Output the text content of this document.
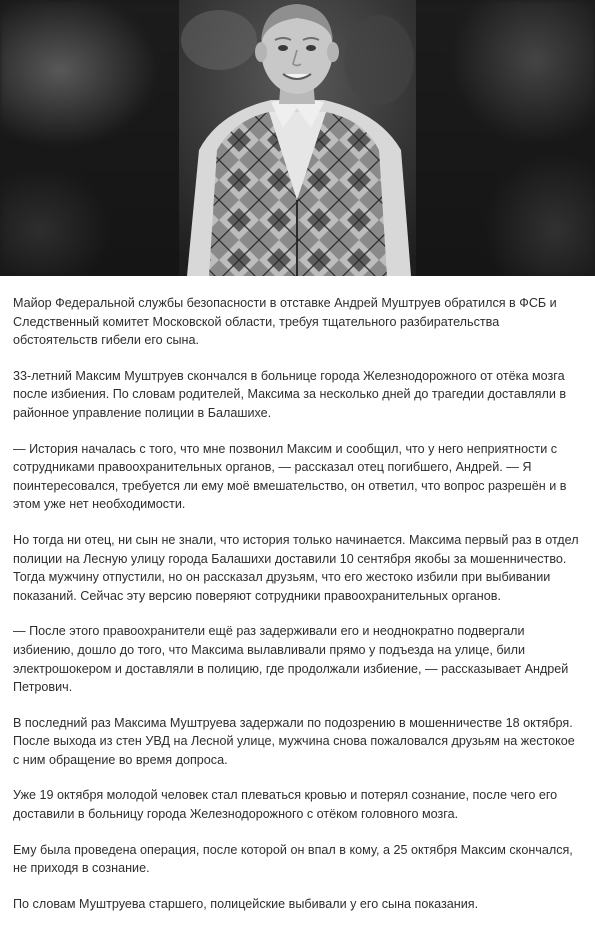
Майор Федеральной службы безопасности в отставке Андрей Муштруев обратился в ФСБ и Следственный комитет Московской области, требуя тщательного разбирательства обстоятельств гибели его сына.

33-летний Максим Муштруев скончался в больнице города Железнодорожного от отёка мозга после избиения. По словам родителей, Максима за несколько дней до трагедии доставляли в районное управление полиции в Балашихе.

— История началась с того, что мне позвонил Максим и сообщил, что у него неприятности с сотрудниками правоохранительных органов, — рассказал отец погибшего, Андрей. — Я поинтересовался, требуется ли ему моё вмешательство, он ответил, что вопрос разрешён и в этом уже нет необходимости.

Но тогда ни отец, ни сын не знали, что история только начинается. Максима первый раз в отдел полиции на Лесную улицу города Балашихи доставили 10 сентября якобы за мошенничество. Тогда мужчину отпустили, но он рассказал друзьям, что его жестоко избили при выбивании показаний. Сейчас эту версию поверяют сотрудники правоохранительных органов.

— После этого правоохранители ещё раз задерживали его и неоднократно подвергали избиению, дошло до того, что Максима вылавливали прямо у подъезда на улице, били электрошокером и доставляли в полицию, где продолжали избиение, — рассказывает Андрей Петрович.

В последний раз Максима Муштруева задержали по подозрению в мошенничестве 18 октября. После выхода из стен УВД на Лесной улице, мужчина снова пожаловался друзьям на жестокое с ним обращение во время допроса.

Уже 19 октября молодой человек стал плеваться кровью и потерял сознание, после чего его доставили в больницу города Железнодорожного с отёком головного мозга.

Ему была проведена операция, после которой он впал в кому, а 25 октября Максим скончался, не приходя в сознание.

По словам Муштруева старшего, полицейские выбивали у его сына показания.
